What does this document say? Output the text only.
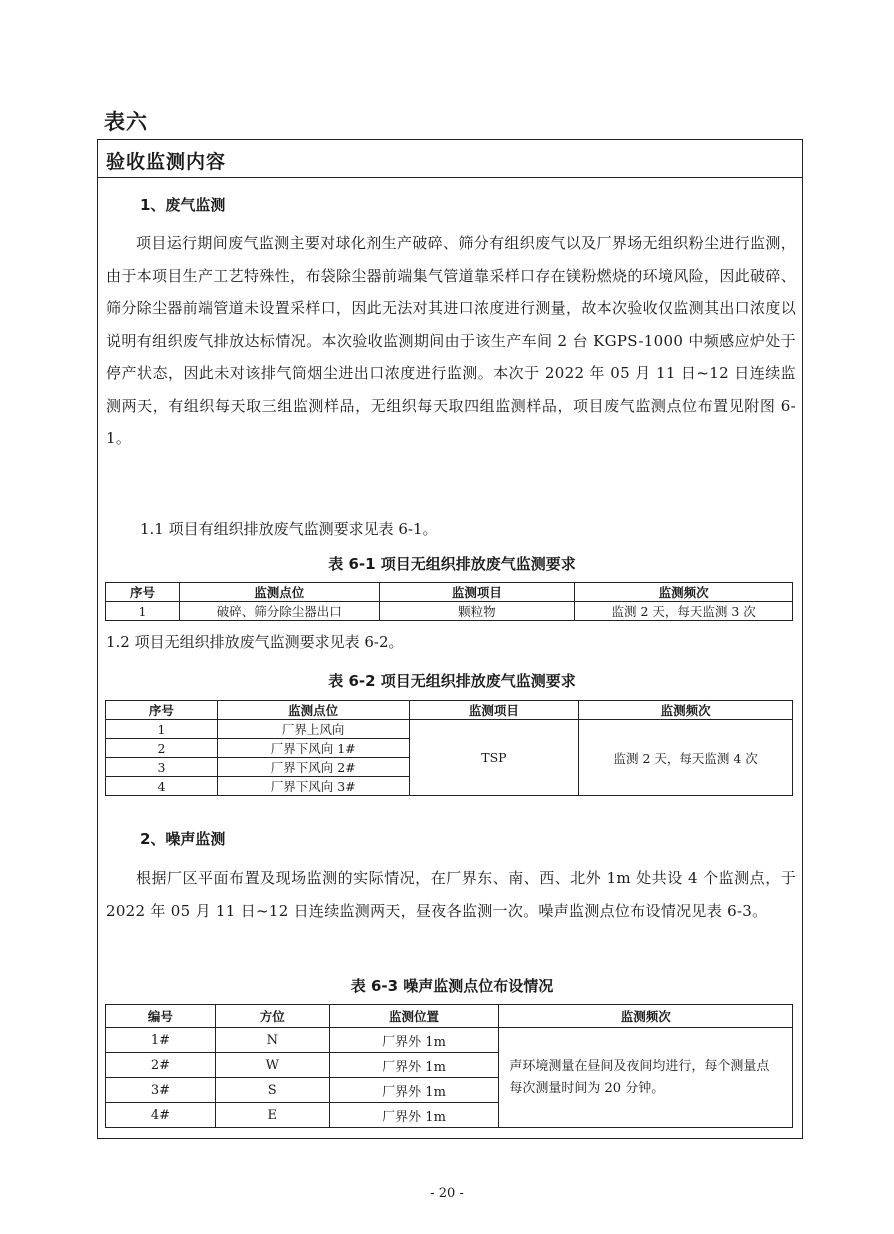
表六
验收监测内容
1、废气监测
项目运行期间废气监测主要对球化剂生产破碎、筛分有组织废气以及厂界场无组织粉尘进行监测，由于本项目生产工艺特殊性，布袋除尘器前端集气管道靠采样口存在镁粉燃烧的环境风险，因此破碎、筛分除尘器前端管道未设置采样口，因此无法对其进口浓度进行测量，故本次验收仅监测其出口浓度以说明有组织废气排放达标情况。本次验收监测期间由于该生产车间 2 台 KGPS-1000 中频感应炉处于停产状态，因此未对该排气筒烟尘进出口浓度进行监测。本次于 2022 年 05 月 11 日~12 日连续监测两天，有组织每天取三组监测样品，无组织每天取四组监测样品，项目废气监测点位布置见附图 6-1。
1.1 项目有组织排放废气监测要求见表 6-1。
表 6-1 项目无组织排放废气监测要求
序号	监测点位	监测项目	监测频次
1	破碎、筛分除尘器出口	颗粒物	监测 2 天，每天监测 3 次
1.2 项目无组织排放废气监测要求见表 6-2。
表 6-2 项目无组织排放废气监测要求
序号	监测点位	监测项目	监测频次
1	厂界上风向	TSP	监测 2 天，每天监测 4 次
2	厂界下风向 1#		
3	厂界下风向 2#		
4	厂界下风向 3#		
2、噪声监测
根据厂区平面布置及现场监测的实际情况，在厂界东、南、西、北外 1m 处共设 4 个监测点，于 2022 年 05 月 11 日~12 日连续监测两天，昼夜各监测一次。噪声监测点位布设情况见表 6-3。
表 6-3 噪声监测点位布设情况
编号	方位	监测位置	监测频次
1#	N	厂界外 1m	声环境测量在昼间及夜间均进行，每个测量点每次测量时间为 20 分钟。
2#	W	厂界外 1m	
3#	S	厂界外 1m	
4#	E	厂界外 1m	
- 20 -
